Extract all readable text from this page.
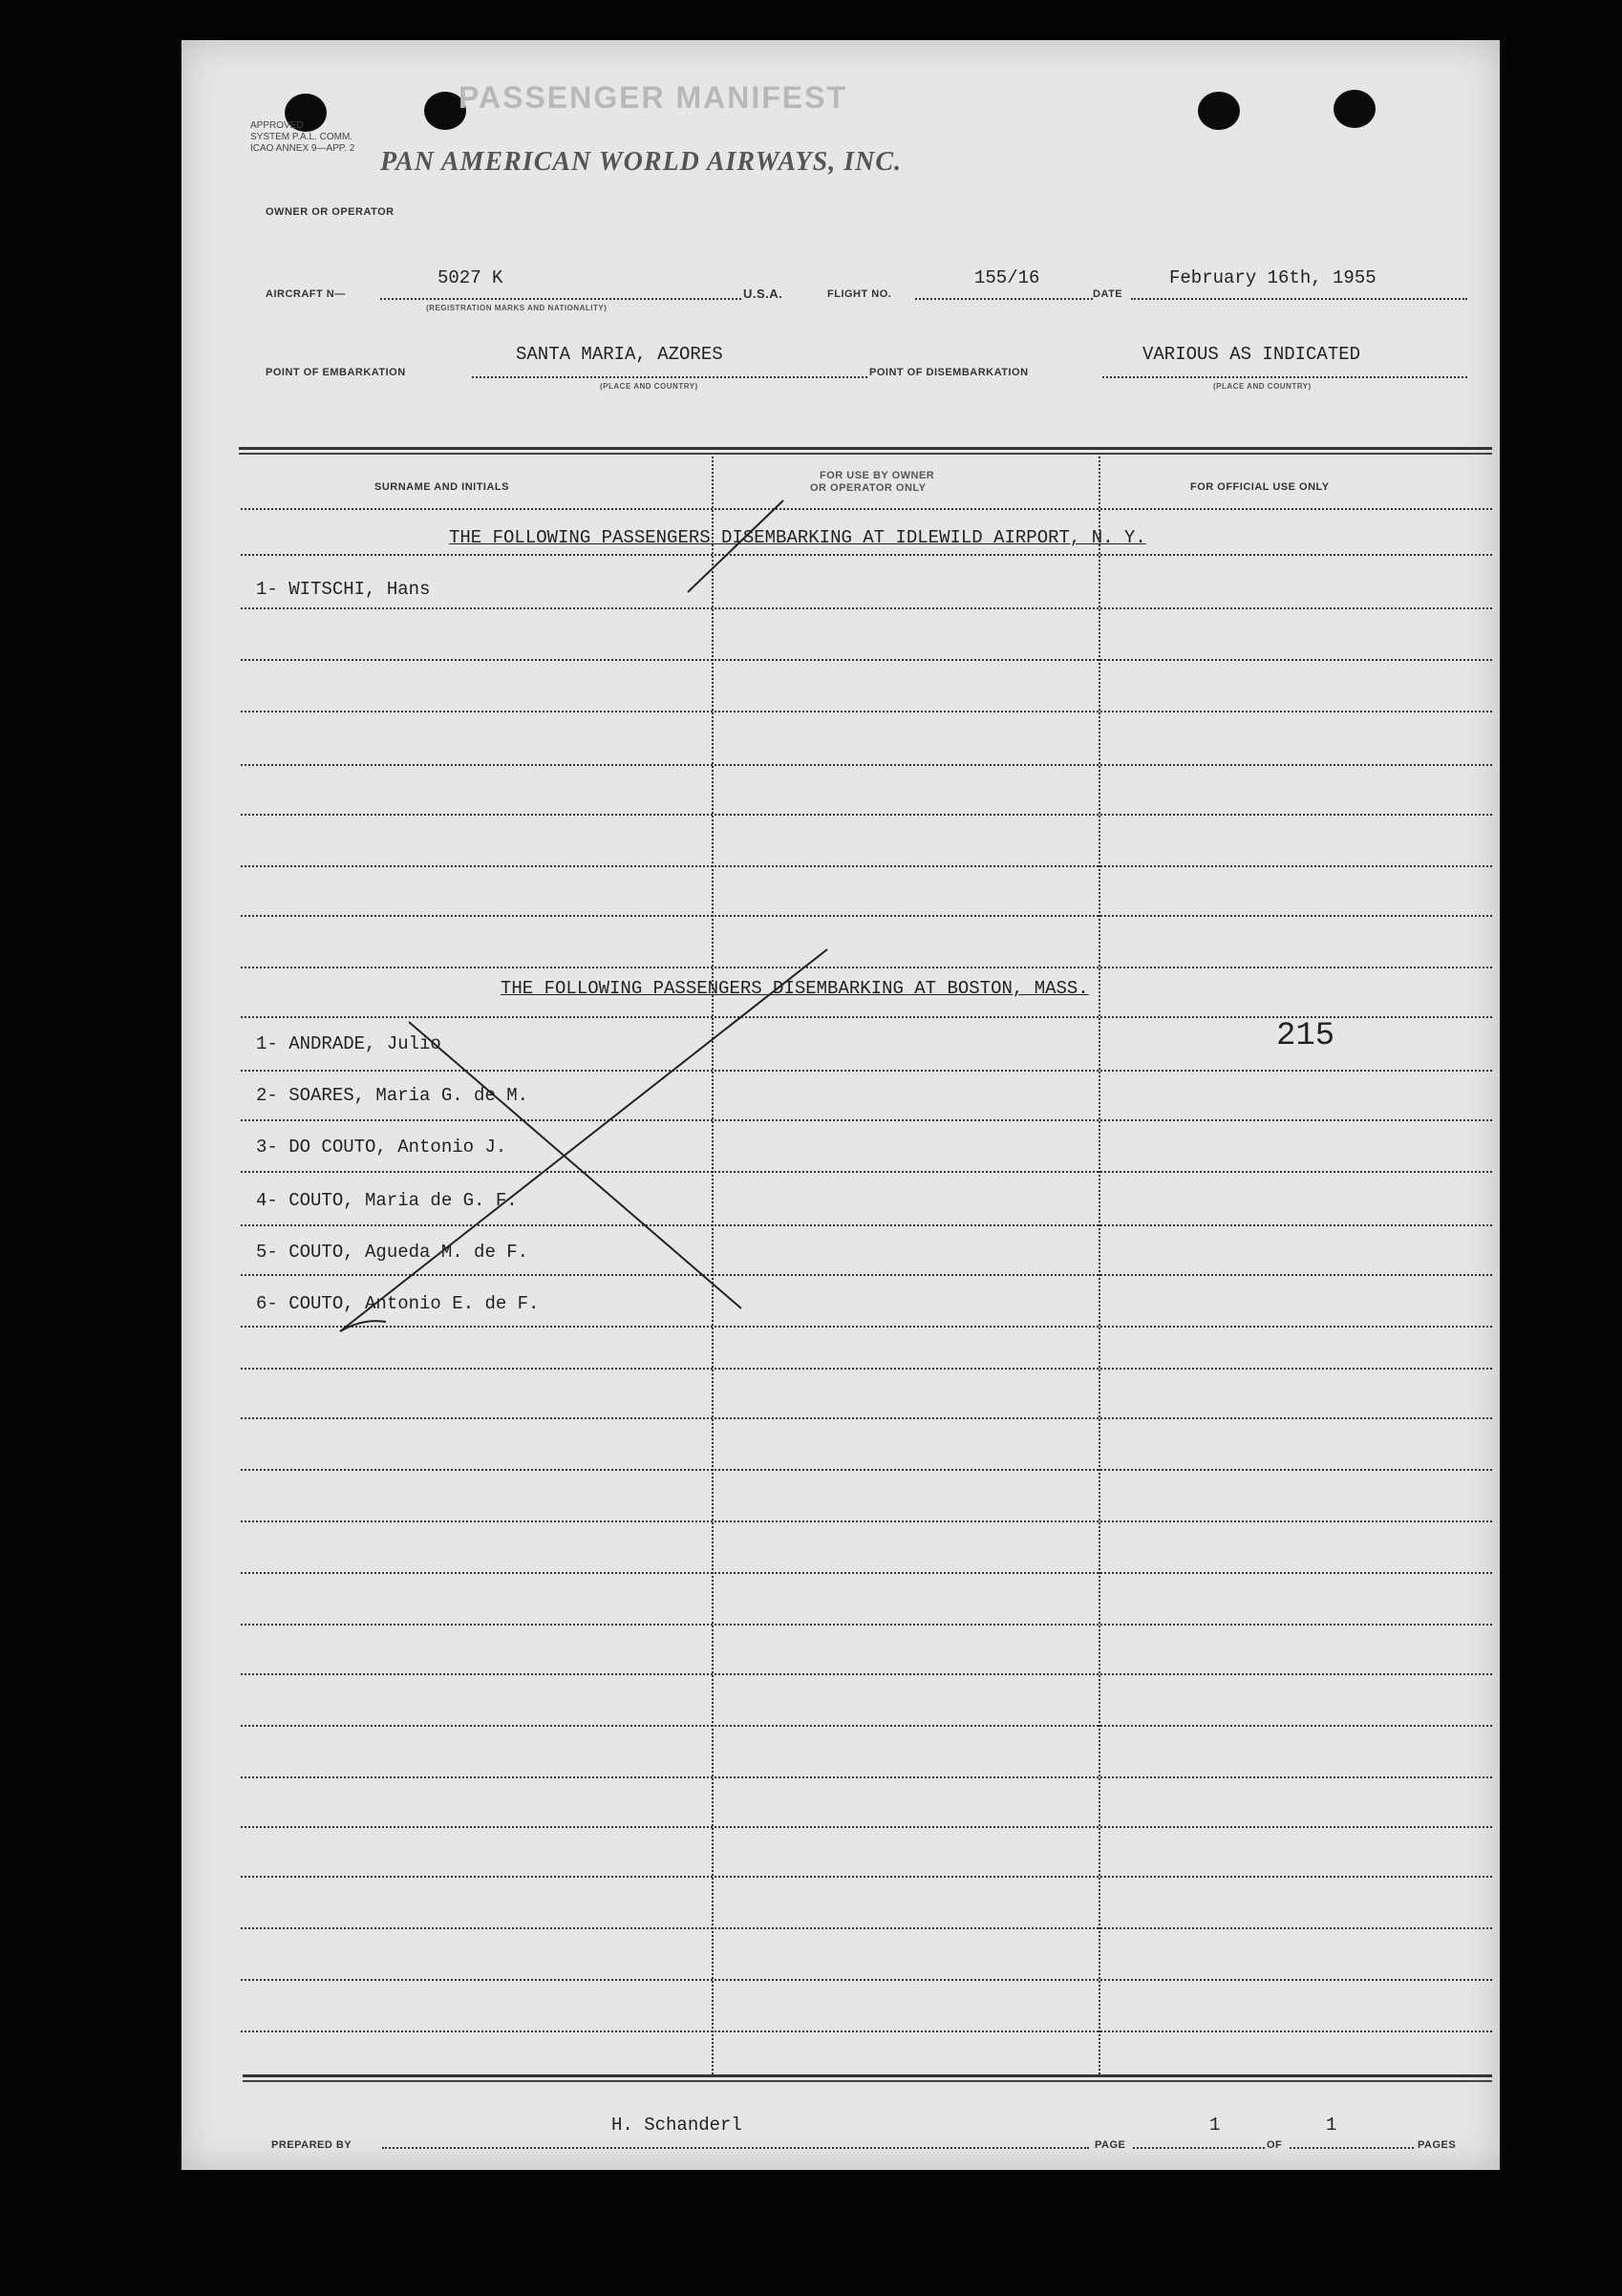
APPROVED
SYSTEM P.A.L. COMM.
ICAO ANNEX 9—APP. 2
PASSENGER MANIFEST
OWNER OR OPERATOR
PAN AMERICAN WORLD AIRWAYS, INC.
AIRCRAFT N—
5027 K
(REGISTRATION MARKS AND NATIONALITY)
U.S.A.	FLIGHT NO.
155/16
DATE
February 16th, 1955
POINT OF EMBARKATION
SANTA MARIA, AZORES
(PLACE AND COUNTRY)
POINT OF DISEMBARKATION
VARIOUS AS INDICATED
(PLACE AND COUNTRY)
SURNAME AND INITIALS
FOR USE BY OWNER
OR OPERATOR ONLY	FOR OFFICIAL USE ONLY
THE FOLLOWING PASSENGERS DISEMBARKING AT IDLEWILD AIRPORT, N. Y.
1- WITSCHI, Hans
THE FOLLOWING PASSENGERS DISEMBARKING AT BOSTON, MASS.
1- ANDRADE, Julio
2- SOARES, Maria G. de M.
3- DO COUTO, Antonio J.
4- COUTO, Maria de G. F.
5- COUTO, Agueda M. de F.
6- COUTO, Antonio E. de F.
215
PREPARED BY
H. Schanderl
PAGE
1
OF
1
PAGES
